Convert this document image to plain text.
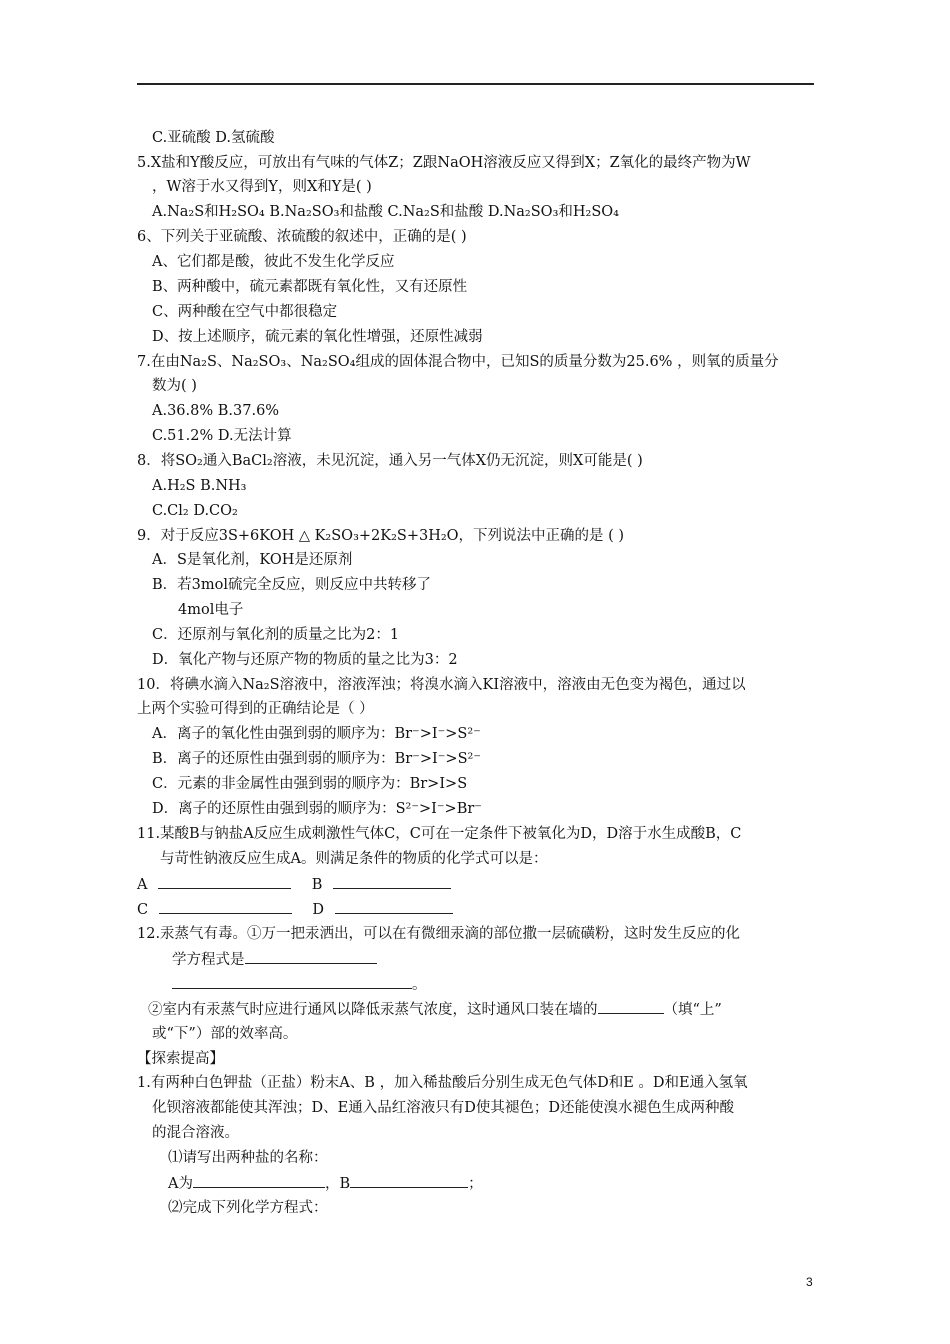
C.亚硫酸 D.氢硫酸
5.X盐和Y酸反应，可放出有气味的气体Z；Z跟NaOH溶液反应又得到X；Z氧化的最终产物为W
，W溶于水又得到Y，则X和Y是( )
A.Na₂S和H₂SO₄ B.Na₂SO₃和盐酸 C.Na₂S和盐酸 D.Na₂SO₃和H₂SO₄
6、下列关于亚硫酸、浓硫酸的叙述中，正确的是( )
A、它们都是酸，彼此不发生化学反应
B、两种酸中，硫元素都既有氧化性，又有还原性
C、两种酸在空气中都很稳定
D、按上述顺序，硫元素的氧化性增强，还原性减弱
7.在由Na₂S、Na₂SO₃、Na₂SO₄组成的固体混合物中，已知S的质量分数为25.6% ，则氧的质量分
数为( )
A.36.8% B.37.6%
C.51.2% D.无法计算
8．将SO₂通入BaCl₂溶液，未见沉淀，通入另一气体X仍无沉淀，则X可能是( )
A.H₂S B.NH₃
C.Cl₂ D.CO₂
9．对于反应3S+6KOH △ K₂SO₃+2K₂S+3H₂O，下列说法中正确的是 ( )
A．S是氧化剂，KOH是还原剂
B．若3mol硫完全反应，则反应中共转移了
4mol电子
C．还原剂与氧化剂的质量之比为2：1
D．氧化产物与还原产物的物质的量之比为3：2
10．将碘水滴入Na₂S溶液中，溶液浑浊；将溴水滴入KI溶液中，溶液由无色变为褐色，通过以
上两个实验可得到的正确结论是（ ）
A．离子的氧化性由强到弱的顺序为：Br⁻>I⁻>S²⁻
B．离子的还原性由强到弱的顺序为：Br⁻>I⁻>S²⁻
C．元素的非金属性由强到弱的顺序为：Br>I>S
D．离子的还原性由强到弱的顺序为：S²⁻>I⁻>Br⁻
11.某酸B与钠盐A反应生成刺激性气体C，C可在一定条件下被氧化为D，D溶于水生成酸B，C
与苛性钠液反应生成A。则满足条件的物质的化学式可以是：
A	B
C	D
12.汞蒸气有毒。①万一把汞洒出，可以在有微细汞滴的部位撒一层硫磺粉，这时发生反应的化
学方程式是
。
②室内有汞蒸气时应进行通风以降低汞蒸气浓度，这时通风口装在墙的	（填“上”
或“下”）部的效率高。
【探索提高】
1.有两种白色钾盐（正盐）粉末A、B ，加入稀盐酸后分别生成无色气体D和E 。D和E通入氢氧
化钡溶液都能使其浑浊；D、E通入品红溶液只有D使其褪色；D还能使溴水褪色生成两种酸
的混合溶液。
⑴请写出两种盐的名称：
A为	，B	；
⑵完成下列化学方程式：
3
